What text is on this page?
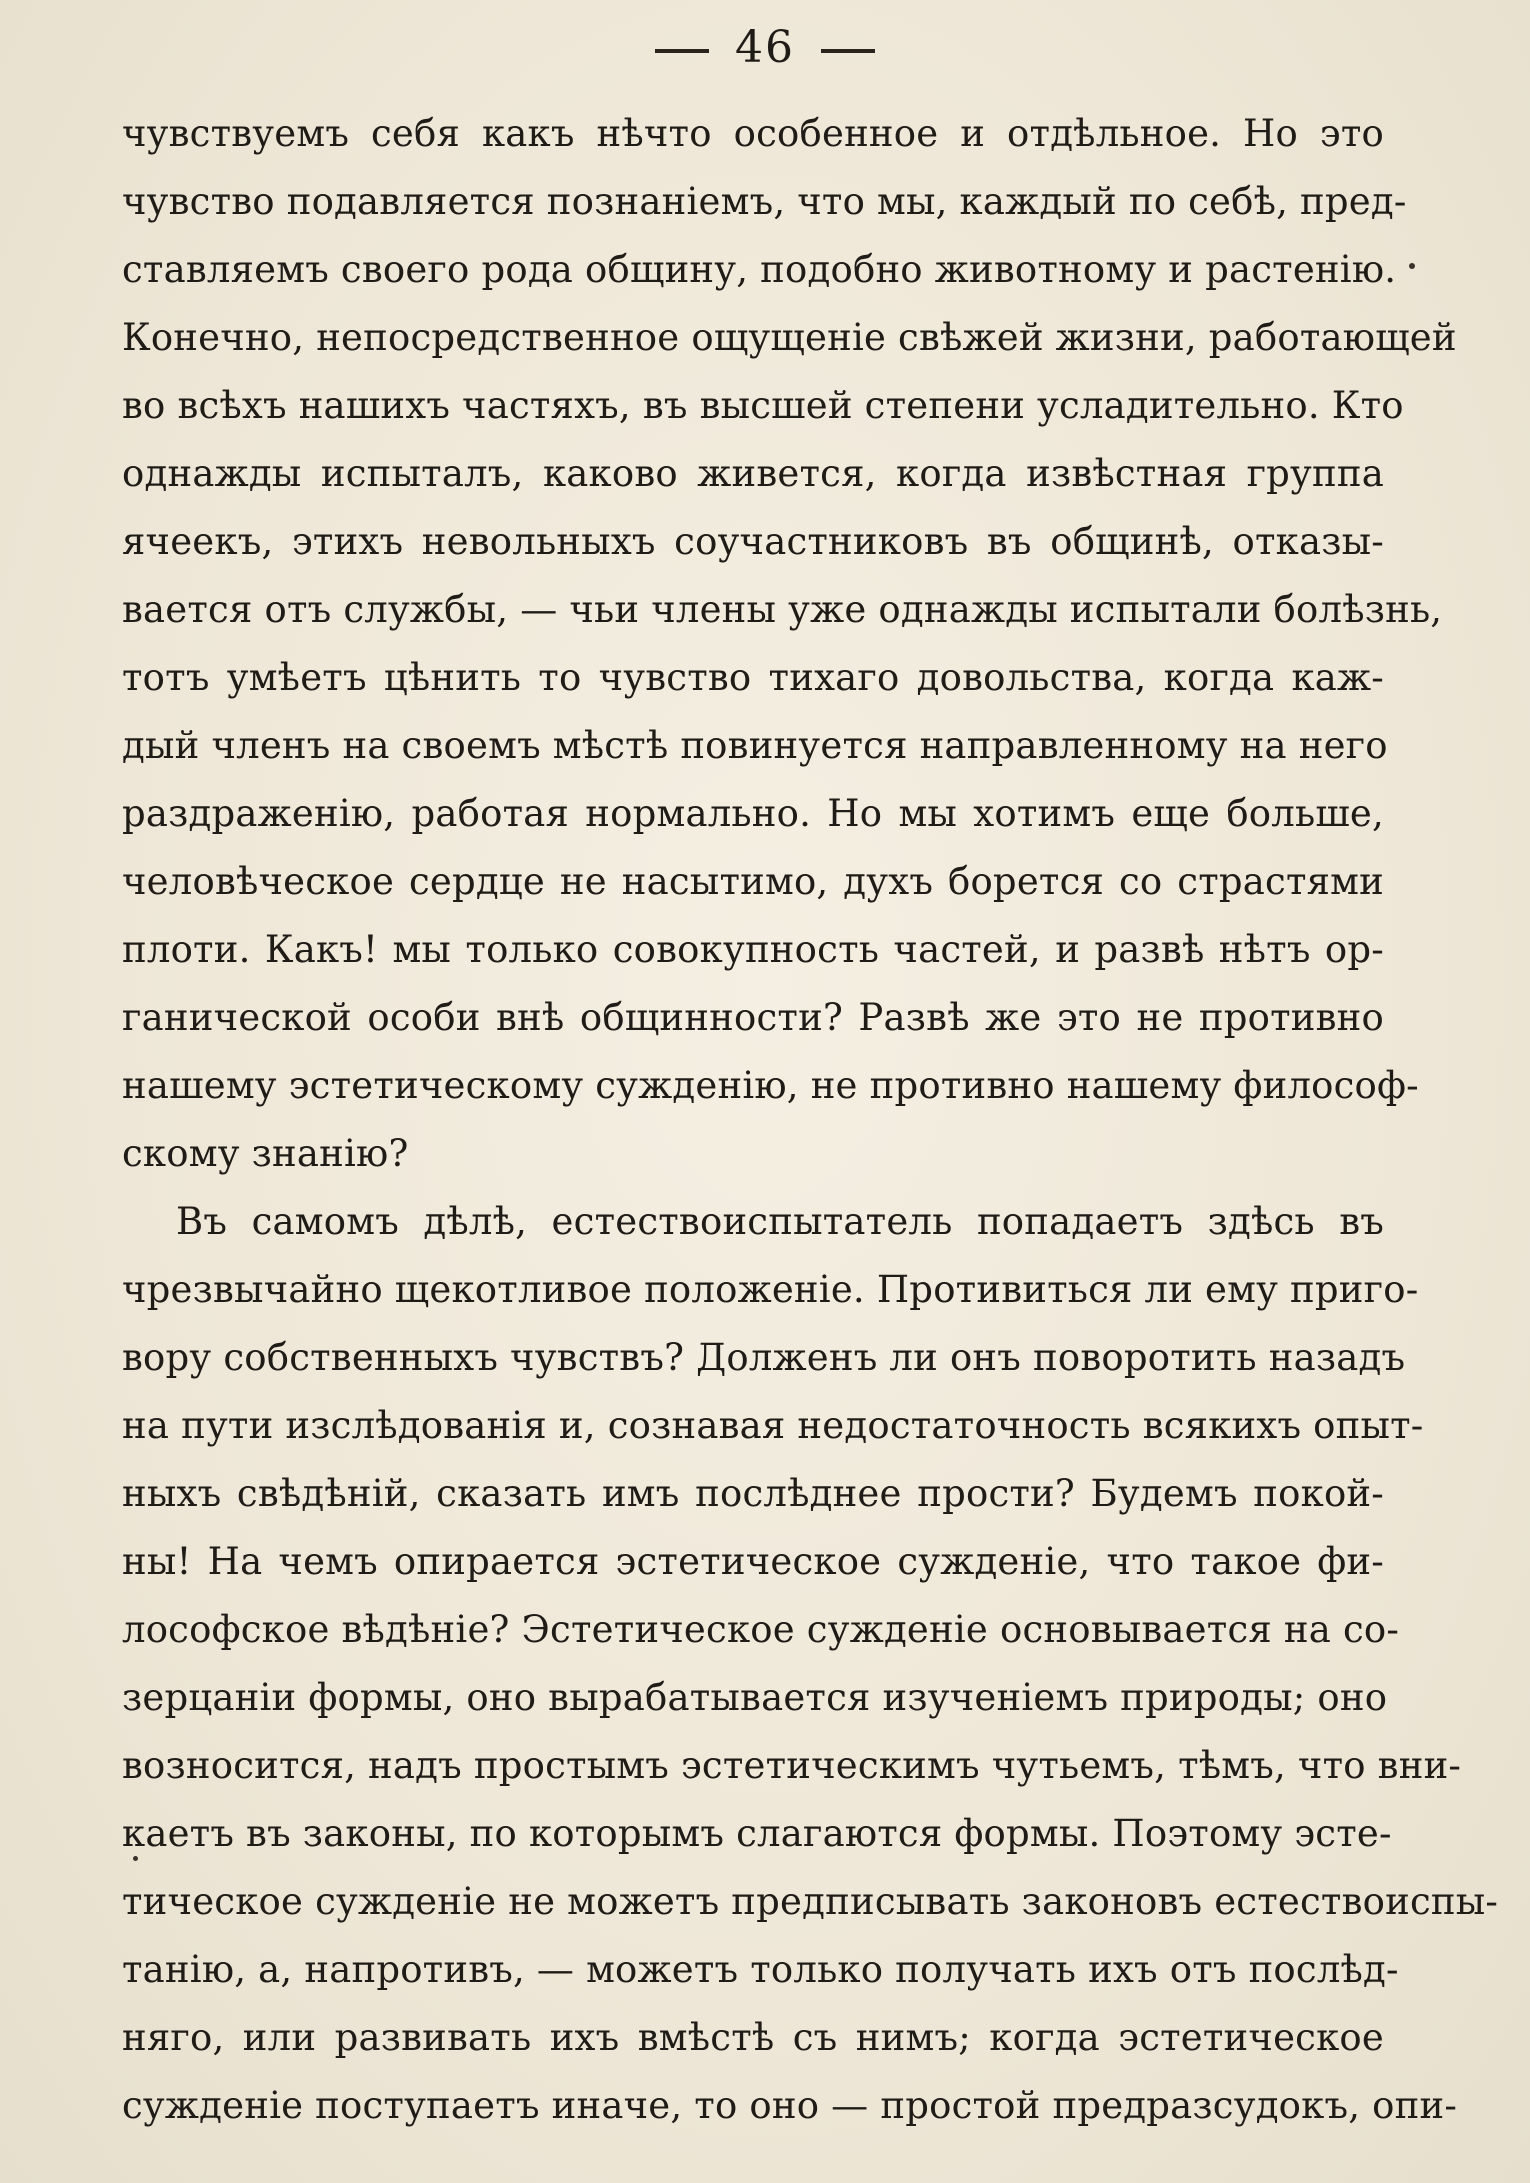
46
чувствуемъ себя какъ нѣчто особенное и отдѣльное. Но это
чувство подавляется познаніемъ, что мы, каждый по себѣ, пред-
ставляемъ своего рода общину, подобно животному и растенію.
Конечно, непосредственное ощущеніе свѣжей жизни, работающей
во всѣхъ нашихъ частяхъ, въ высшей степени усладительно. Кто
однажды испыталъ, каково живется, когда извѣстная группа
ячеекъ, этихъ невольныхъ соучастниковъ въ общинѣ, отказы-
вается отъ службы, — чьи члены уже однажды испытали болѣзнь,
тотъ умѣетъ цѣнить то чувство тихаго довольства, когда каж-
дый членъ на своемъ мѣстѣ повинуется направленному на него
раздраженію, работая нормально. Но мы хотимъ еще больше,
человѣческое сердце не насытимо, духъ борется со страстями
плоти. Какъ! мы только совокупность частей, и развѣ нѣтъ ор-
ганической особи внѣ общинности? Развѣ же это не противно
нашему эстетическому сужденію, не противно нашему философ-
скому знанію?
Въ самомъ дѣлѣ, естествоиспытатель попадаетъ здѣсь въ
чрезвычайно щекотливое положеніе. Противиться ли ему приго-
вору собственныхъ чувствъ? Долженъ ли онъ поворотить назадъ
на пути изслѣдованія и, сознавая недостаточность всякихъ опыт-
ныхъ свѣдѣній, сказать имъ послѣднее прости? Будемъ покой-
ны! На чемъ опирается эстетическое сужденіе, что такое фи-
лософское вѣдѣніе? Эстетическое сужденіе основывается на со-
зерцаніи формы, оно вырабатывается изученіемъ природы; оно
возносится, надъ простымъ эстетическимъ чутьемъ, тѣмъ, что вни-
каетъ въ законы, по которымъ слагаются формы. Поэтому эсте-
тическое сужденіе не можетъ предписывать законовъ естествоиспы-
танію, а, напротивъ, — можетъ только получать ихъ отъ послѣд-
няго, или развивать ихъ вмѣстѣ съ нимъ; когда эстетическое
сужденіе поступаетъ иначе, то оно — простой предразсудокъ, опи-
